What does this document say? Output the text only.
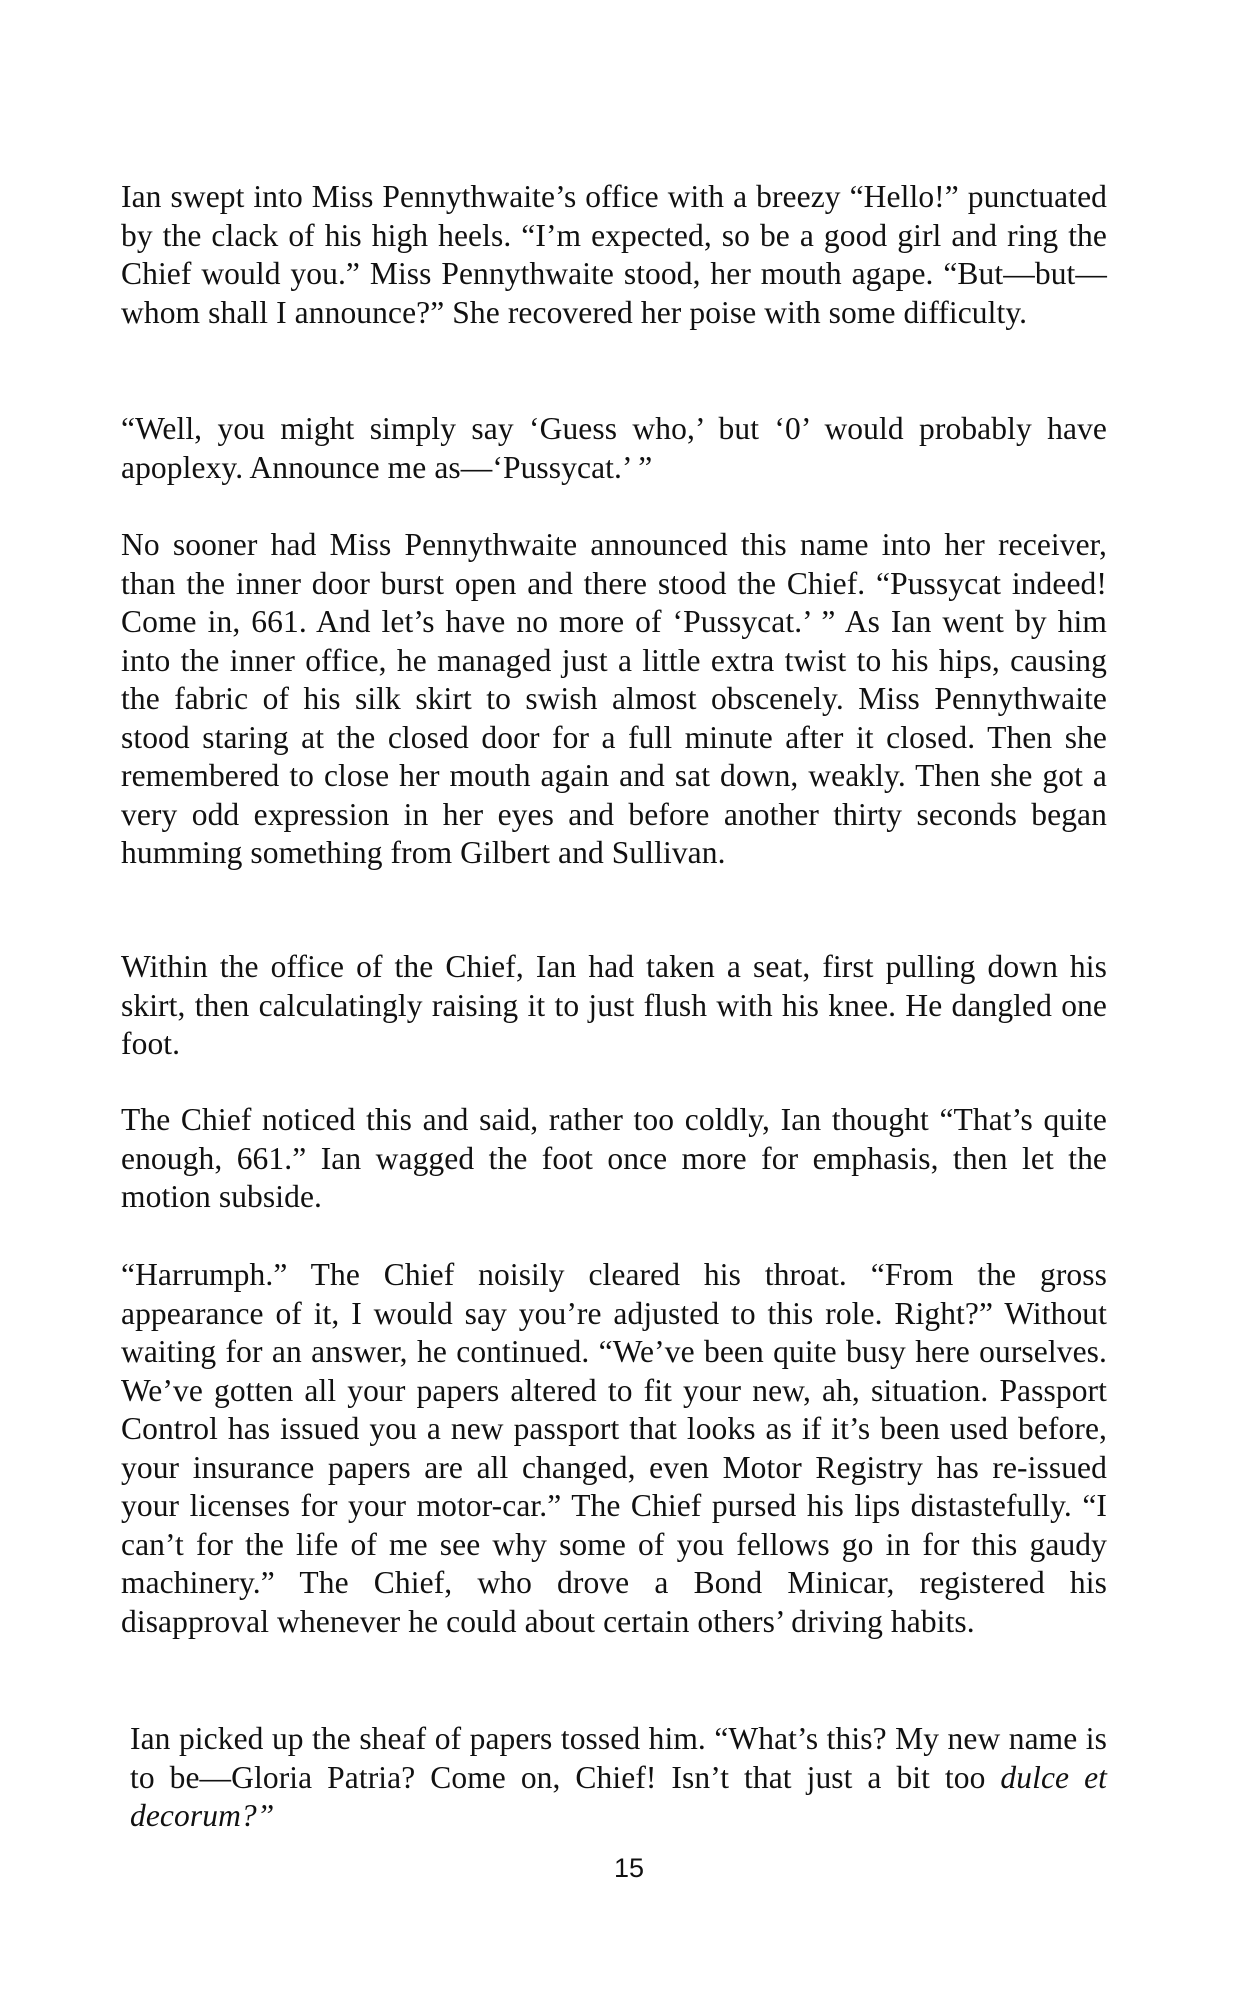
Ian swept into Miss Pennythwaite’s office with a breezy “Hello!” punctuated by the clack of his high heels. “I’m expected, so be a good girl and ring the Chief would you.” Miss Pennythwaite stood, her mouth agape. “But—but—whom shall I announce?” She recovered her poise with some difficulty.

“Well, you might simply say ‘Guess who,’ but ‘0’ would probably have apoplexy. Announce me as—‘Pussycat.’ ”

No sooner had Miss Pennythwaite announced this name into her receiver, than the inner door burst open and there stood the Chief. “Pussycat indeed! Come in, 661. And let’s have no more of ‘Pussycat.’ ” As Ian went by him into the inner office, he managed just a little extra twist to his hips, causing the fabric of his silk skirt to swish almost obscenely. Miss Pennythwaite stood staring at the closed door for a full minute after it closed. Then she remembered to close her mouth again and sat down, weakly. Then she got a very odd expression in her eyes and before another thirty seconds began humming something from Gilbert and Sullivan.

Within the office of the Chief, Ian had taken a seat, first pulling down his skirt, then calculatingly raising it to just flush with his knee. He dangled one foot.

The Chief noticed this and said, rather too coldly, Ian thought “That’s quite enough, 661.” Ian wagged the foot once more for emphasis, then let the motion subside.

“Harrumph.” The Chief noisily cleared his throat. “From the gross appearance of it, I would say you’re adjusted to this role. Right?” Without waiting for an answer, he continued. “We’ve been quite busy here ourselves. We’ve gotten all your papers altered to fit your new, ah, situation. Passport Control has issued you a new passport that looks as if it’s been used before, your insurance papers are all changed, even Motor Registry has re-issued your licenses for your motor-car.” The Chief pursed his lips distastefully. “I can’t for the life of me see why some of you fellows go in for this gaudy machinery.” The Chief, who drove a Bond Minicar, registered his disapproval whenever he could about certain others’ driving habits.

Ian picked up the sheaf of papers tossed him. “What’s this? My new name is to be—Gloria Patria? Come on, Chief! Isn’t that just a bit too dulce et decorum?”

15
